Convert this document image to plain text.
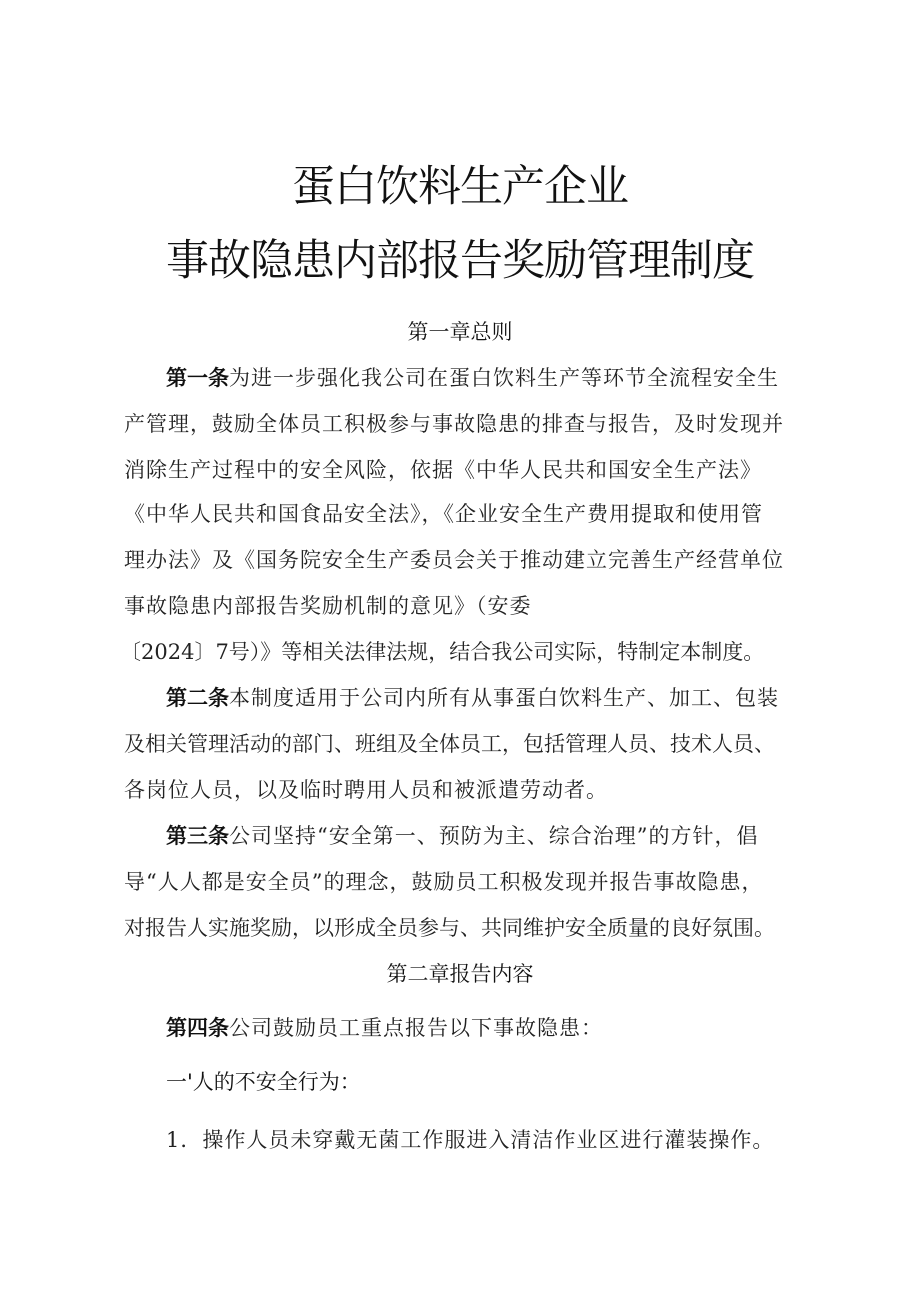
蛋白饮料生产企业
事故隐患内部报告奖励管理制度
第一章总则
第一条为进一步强化我公司在蛋白饮料生产等环节全流程安全生
产管理，鼓励全体员工积极参与事故隐患的排查与报告，及时发现并
消除生产过程中的安全风险，依据《中华人民共和国安全生产法》
《中华人民共和国食品安全法》，《企业安全生产费用提取和使用管
理办法》及《国务院安全生产委员会关于推动建立完善生产经营单位
事故隐患内部报告奖励机制的意见》（安委
〔2024〕7号）》等相关法律法规，结合我公司实际，特制定本制度。
第二条本制度适用于公司内所有从事蛋白饮料生产、加工、包装
及相关管理活动的部门、班组及全体员工，包括管理人员、技术人员、
各岗位人员，以及临时聘用人员和被派遣劳动者。
第三条公司坚持“安全第一、预防为主、综合治理”的方针，倡
导“人人都是安全员”的理念，鼓励员工积极发现并报告事故隐患，
对报告人实施奖励，以形成全员参与、共同维护安全质量的良好氛围。
第二章报告内容
第四条公司鼓励员工重点报告以下事故隐患：
一'人的不安全行为：
1．操作人员未穿戴无菌工作服进入清洁作业区进行灌装操作。
